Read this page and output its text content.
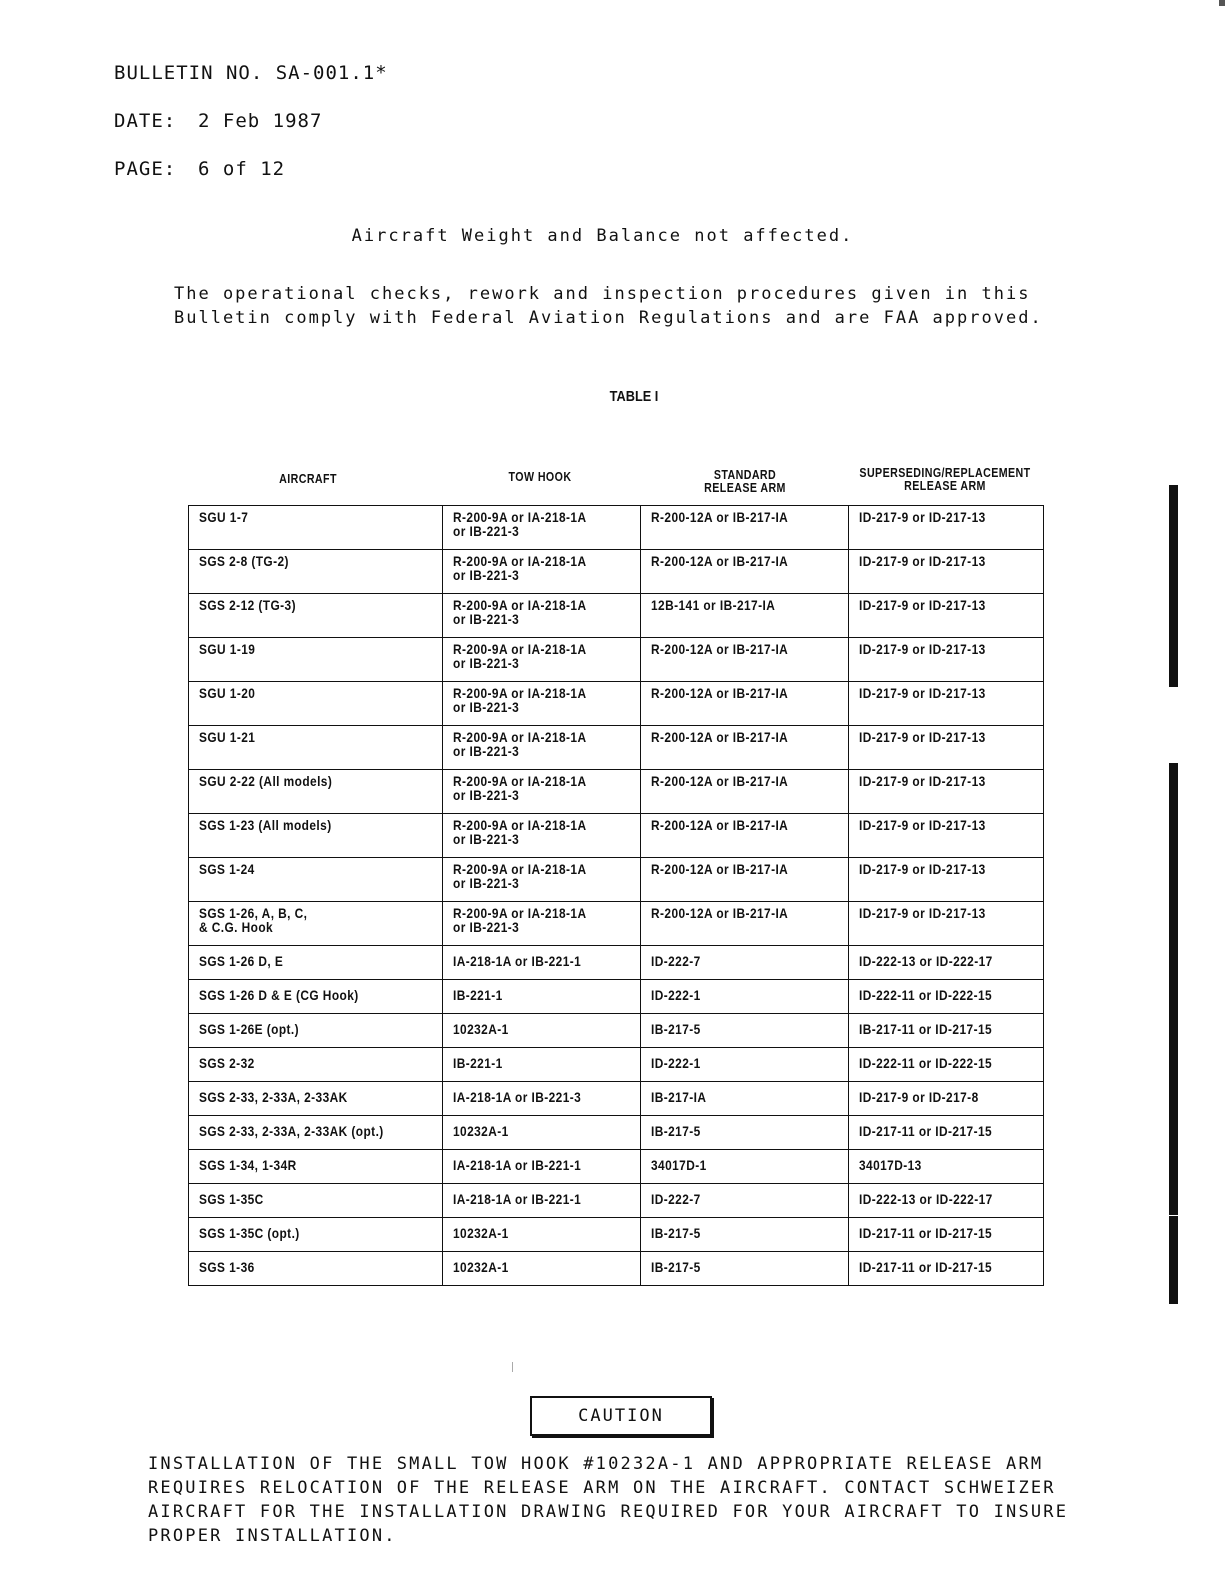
BULLETIN NO. SA-001.1*
DATE: 2 Feb 1987
PAGE: 6 of 12
Aircraft Weight and Balance not affected.
The operational checks, rework and inspection procedures given in this
Bulletin comply with Federal Aviation Regulations and are FAA approved.
TABLE I
AIRCRAFT	TOW HOOK	STANDARD
RELEASE ARM
SUPERSEDING/REPLACEMENT
RELEASE ARM
SGU 1-7	R-200-9A or IA-218-1A
or IB-221-3	R-200-12A or IB-217-IA	ID-217-9 or ID-217-13
SGS 2-8 (TG-2)	R-200-9A or IA-218-1A
or IB-221-3	R-200-12A or IB-217-IA	ID-217-9 or ID-217-13
SGS 2-12 (TG-3)	R-200-9A or IA-218-1A
or IB-221-3	12B-141 or IB-217-IA	ID-217-9 or ID-217-13
SGU 1-19	R-200-9A or IA-218-1A
or IB-221-3	R-200-12A or IB-217-IA	ID-217-9 or ID-217-13
SGU 1-20	R-200-9A or IA-218-1A
or IB-221-3	R-200-12A or IB-217-IA	ID-217-9 or ID-217-13
SGU 1-21	R-200-9A or IA-218-1A
or IB-221-3	R-200-12A or IB-217-IA	ID-217-9 or ID-217-13
SGU 2-22 (All models)	R-200-9A or IA-218-1A
or IB-221-3	R-200-12A or IB-217-IA	ID-217-9 or ID-217-13
SGS 1-23 (All models)	R-200-9A or IA-218-1A
or IB-221-3	R-200-12A or IB-217-IA	ID-217-9 or ID-217-13
SGS 1-24	R-200-9A or IA-218-1A
or IB-221-3	R-200-12A or IB-217-IA	ID-217-9 or ID-217-13
SGS 1-26, A, B, C,
& C.G. Hook	R-200-9A or IA-218-1A
or IB-221-3	R-200-12A or IB-217-IA	ID-217-9 or ID-217-13
SGS 1-26 D, E	IA-218-1A or IB-221-1	ID-222-7	ID-222-13 or ID-222-17
SGS 1-26 D & E (CG Hook)	IB-221-1	ID-222-1	ID-222-11 or ID-222-15
SGS 1-26E (opt.)	10232A-1	IB-217-5	IB-217-11 or ID-217-15
SGS 2-32	IB-221-1	ID-222-1	ID-222-11 or ID-222-15
SGS 2-33, 2-33A, 2-33AK	IA-218-1A or IB-221-3	IB-217-IA	ID-217-9 or ID-217-8
SGS 2-33, 2-33A, 2-33AK (opt.)	10232A-1	IB-217-5	ID-217-11 or ID-217-15
SGS 1-34, 1-34R	IA-218-1A or IB-221-1	34017D-1	34017D-13
SGS 1-35C	IA-218-1A or IB-221-1	ID-222-7	ID-222-13 or ID-222-17
SGS 1-35C (opt.)	10232A-1	IB-217-5	ID-217-11 or ID-217-15
SGS 1-36	10232A-1	IB-217-5	ID-217-11 or ID-217-15
CAUTION
INSTALLATION OF THE SMALL TOW HOOK #10232A-1 AND APPROPRIATE RELEASE ARM
REQUIRES RELOCATION OF THE RELEASE ARM ON THE AIRCRAFT. CONTACT SCHWEIZER
AIRCRAFT FOR THE INSTALLATION DRAWING REQUIRED FOR YOUR AIRCRAFT TO INSURE
PROPER INSTALLATION.
